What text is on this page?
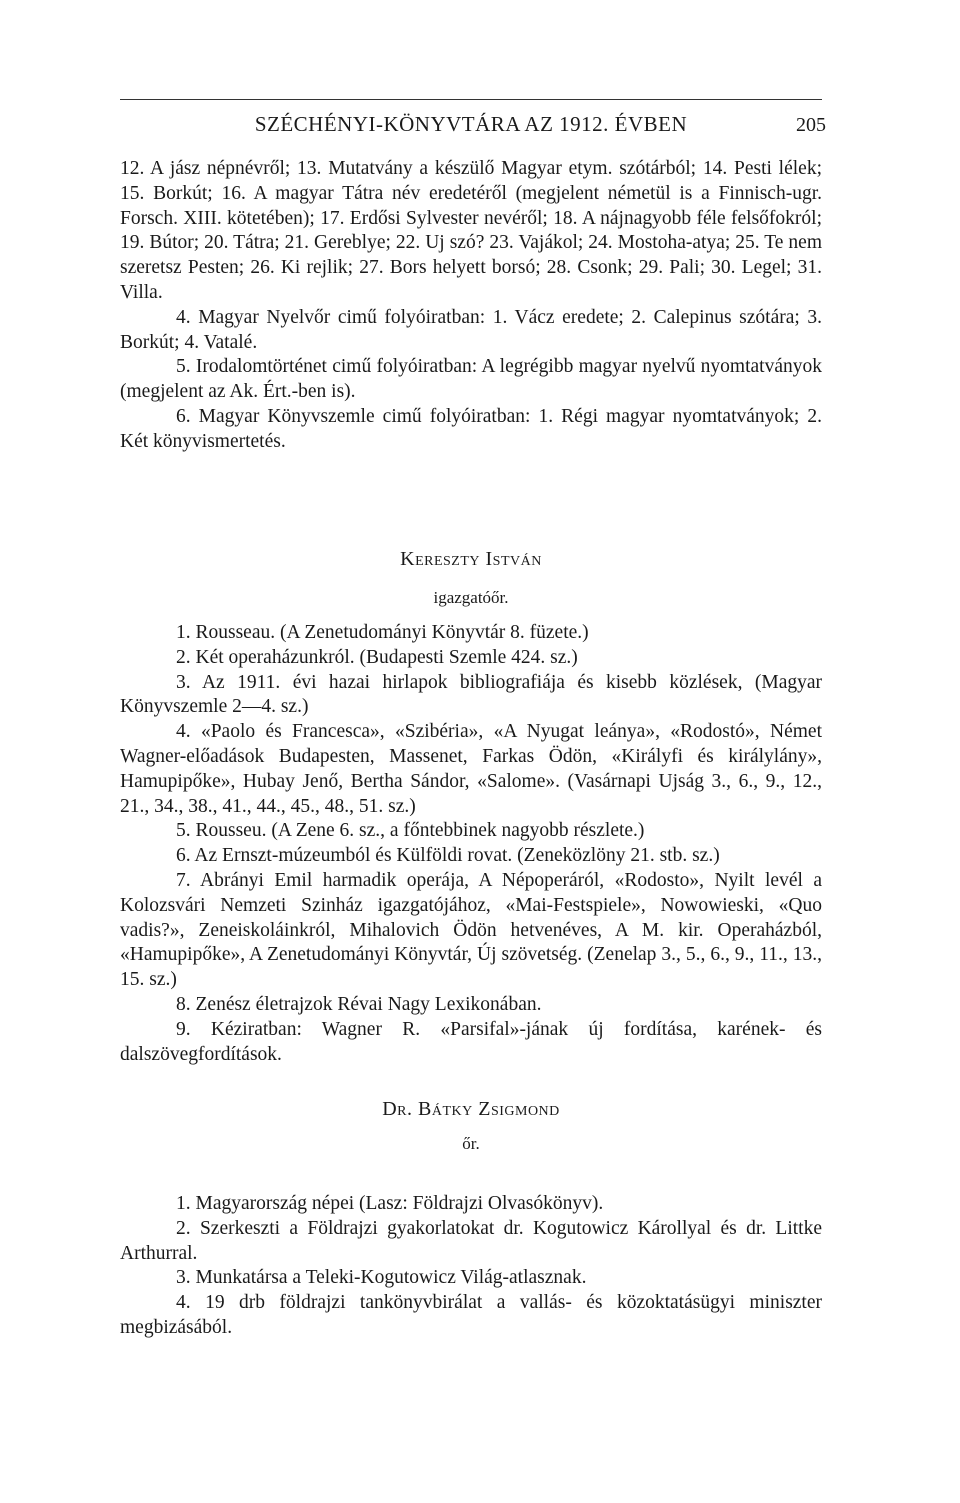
SZÉCHÉNYI-KÖNYVTÁRA AZ 1912. ÉVBEN	205

12. A jász népnévről; 13. Mutatvány a készülő Magyar etym. szótárból; 14. Pesti lélek; 15. Borkút; 16. A magyar Tátra név eredetéről (megjelent németül is a Finnisch-ugr. Forsch. XIII. kötetében); 17. Erdősi Sylvester nevéről; 18. A nájnagyobb féle felsőfokról; 19. Bútor; 20. Tátra; 21. Gereblye; 22. Uj szó? 23. Vajákol; 24. Mostoha-atya; 25. Te nem szeretsz Pesten; 26. Ki rejlik; 27. Bors helyett borsó; 28. Csonk; 29. Pali; 30. Legel; 31. Villa.

4. Magyar Nyelvőr cimű folyóiratban: 1. Vácz eredete; 2. Calepinus szótára; 3. Borkút; 4. Vatalé.

5. Irodalomtörténet cimű folyóiratban: A legrégibb magyar nyelvű nyomtatványok (megjelent az Ak. Ért.-ben is).

6. Magyar Könyvszemle cimű folyóiratban: 1. Régi magyar nyomtatványok; 2. Két könyvismertetés.

Kereszty István
igazgatóőr.

1. Rousseau. (A Zenetudományi Könyvtár 8. füzete.)

2. Két operaházunkról. (Budapesti Szemle 424. sz.)

3. Az 1911. évi hazai hirlapok bibliografiája és kisebb közlések, (Magyar Könyvszemle 2—4. sz.)

4. «Paolo és Francesca», «Szibéria», «A Nyugat leánya», «Rodostó», Német Wagner-előadások Budapesten, Massenet, Farkas Ödön, «Királyfi és királylány», Hamupipőke», Hubay Jenő, Bertha Sándor, «Salome». (Vasárnapi Ujság 3., 6., 9., 12., 21., 34., 38., 41., 44., 45., 48., 51. sz.)

5. Rousseu. (A Zene 6. sz., a főntebbinek nagyobb részlete.)

6. Az Ernszt-múzeumból és Külföldi rovat. (Zeneközlöny 21. stb. sz.)

7. Abrányi Emil harmadik operája, A Népoperáról, «Rodosto», Nyilt levél a Kolozsvári Nemzeti Szinház igazgatójához, «Mai-Festspiele», Nowowieski, «Quo vadis?», Zeneiskoláinkról, Mihalovich Ödön hetvenéves, A M. kir. Operaházból, «Hamupipőke», A Zenetudományi Könyvtár, Új szövetség. (Zenelap 3., 5., 6., 9., 11., 13., 15. sz.)

8. Zenész életrajzok Révai Nagy Lexikonában.

9. Kéziratban: Wagner R. «Parsifal»-jának új fordítása, karének- és dalszövegfordítások.

Dr. Bátky Zsigmond
őr.

1. Magyarország népei (Lasz: Földrajzi Olvasókönyv).

2. Szerkeszti a Földrajzi gyakorlatokat dr. Kogutowicz Károllyal és dr. Littke Arthurral.

3. Munkatársa a Teleki-Kogutowicz Világ-atlasznak.

4. 19 drb földrajzi tankönyvbirálat a vallás- és közoktatásügyi miniszter megbizásából.
